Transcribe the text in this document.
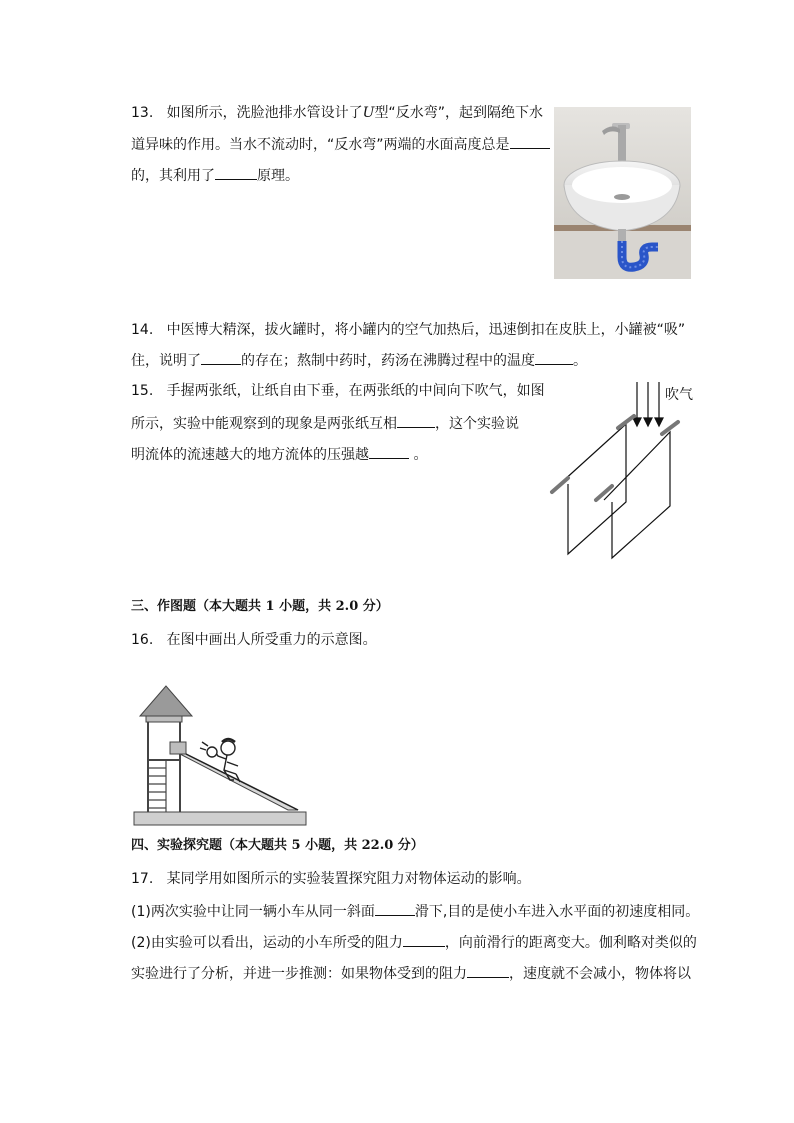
13. 如图所示，洗脸池排水管设计了U型“反水弯”，起到隔绝下水
道异味的作用。当水不流动时，“反水弯”两端的水面高度总是
的，其利用了	原理。
14. 中医博大精深，拔火罐时，将小罐内的空气加热后，迅速倒扣在皮肤上，小罐被“吸”
住，说明了	的存在；熬制中药时，药汤在沸腾过程中的温度	。
15. 手握两张纸，让纸自由下垂，在两张纸的中间向下吹气，如图
所示，实验中能观察到的现象是两张纸互相	，这个实验说
明流体的流速越大的地方流体的压强越	。
吹气
三、作图题（本大题共 1 小题，共 2.0 分）
16. 在图中画出人所受重力的示意图。
四、实验探究题（本大题共 5 小题，共 22.0 分）
17. 某同学用如图所示的实验装置探究阻力对物体运动的影响。
(1)两次实验中让同一辆小车从同一斜面	滑下,目的是使小车进入水平面的初速度相同。
(2)由实验可以看出，运动的小车所受的阻力	，向前滑行的距离变大。伽利略对类似的
实验进行了分析，并进一步推测：如果物体受到的阻力	，速度就不会减小，物体将以
